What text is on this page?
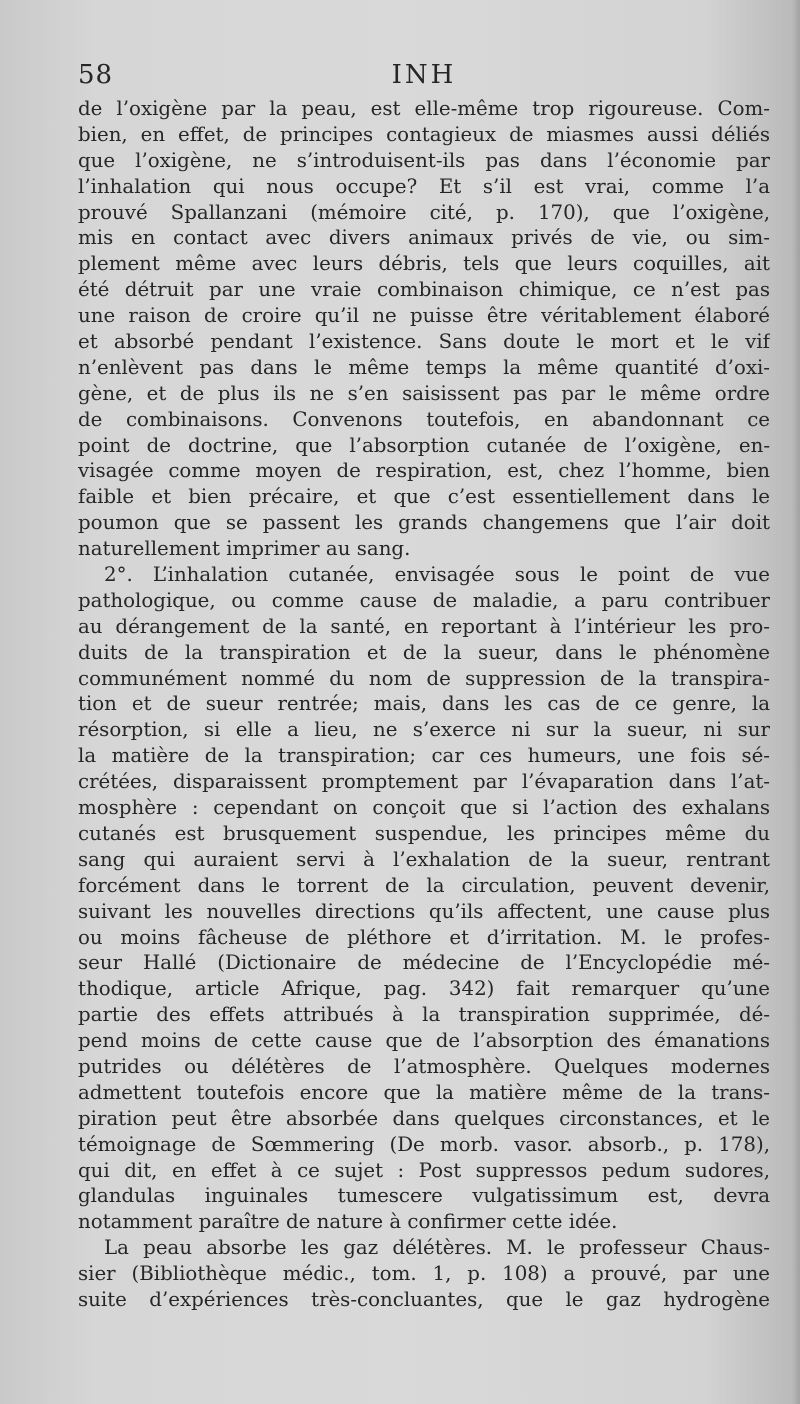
58	INH
de l’oxigène par la peau, est elle-même trop rigoureuse. Com-
bien, en effet, de principes contagieux de miasmes aussi déliés
que l’oxigène, ne s’introduisent-ils pas dans l’économie par
l’inhalation qui nous occupe? Et s’il est vrai, comme l’a
prouvé Spallanzani (mémoire cité, p. 170), que l’oxigène,
mis en contact avec divers animaux privés de vie, ou sim-
plement même avec leurs débris, tels que leurs coquilles, ait
été détruit par une vraie combinaison chimique, ce n’est pas
une raison de croire qu’il ne puisse être véritablement élaboré
et absorbé pendant l’existence. Sans doute le mort et le vif
n’enlèvent pas dans le même temps la même quantité d’oxi-
gène, et de plus ils ne s’en saisissent pas par le même ordre
de combinaisons. Convenons toutefois, en abandonnant ce
point de doctrine, que l’absorption cutanée de l’oxigène, en-
visagée comme moyen de respiration, est, chez l’homme, bien
faible et bien précaire, et que c’est essentiellement dans le
poumon que se passent les grands changemens que l’air doit
naturellement imprimer au sang.
2°. L’inhalation cutanée, envisagée sous le point de vue
pathologique, ou comme cause de maladie, a paru contribuer
au dérangement de la santé, en reportant à l’intérieur les pro-
duits de la transpiration et de la sueur, dans le phénomène
communément nommé du nom de suppression de la transpira-
tion et de sueur rentrée; mais, dans les cas de ce genre, la
résorption, si elle a lieu, ne s’exerce ni sur la sueur, ni sur
la matière de la transpiration; car ces humeurs, une fois sé-
crétées, disparaissent promptement par l’évaparation dans l’at-
mosphère : cependant on conçoit que si l’action des exhalans
cutanés est brusquement suspendue, les principes même du
sang qui auraient servi à l’exhalation de la sueur, rentrant
forcément dans le torrent de la circulation, peuvent devenir,
suivant les nouvelles directions qu’ils affectent, une cause plus
ou moins fâcheuse de pléthore et d’irritation. M. le profes-
seur Hallé (Dictionaire de médecine de l’Encyclopédie mé-
thodique, article Afrique, pag. 342) fait remarquer qu’une
partie des effets attribués à la transpiration supprimée, dé-
pend moins de cette cause que de l’absorption des émanations
putrides ou délétères de l’atmosphère. Quelques modernes
admettent toutefois encore que la matière même de la trans-
piration peut être absorbée dans quelques circonstances, et le
témoignage de Sœmmering (De morb. vasor. absorb., p. 178),
qui dit, en effet à ce sujet : Post suppressos pedum sudores,
glandulas inguinales tumescere vulgatissimum est, devra
notamment paraître de nature à confirmer cette idée.
La peau absorbe les gaz délétères. M. le professeur Chaus-
sier (Bibliothèque médic., tom. 1, p. 108) a prouvé, par une
suite d’expériences très-concluantes, que le gaz hydrogène
